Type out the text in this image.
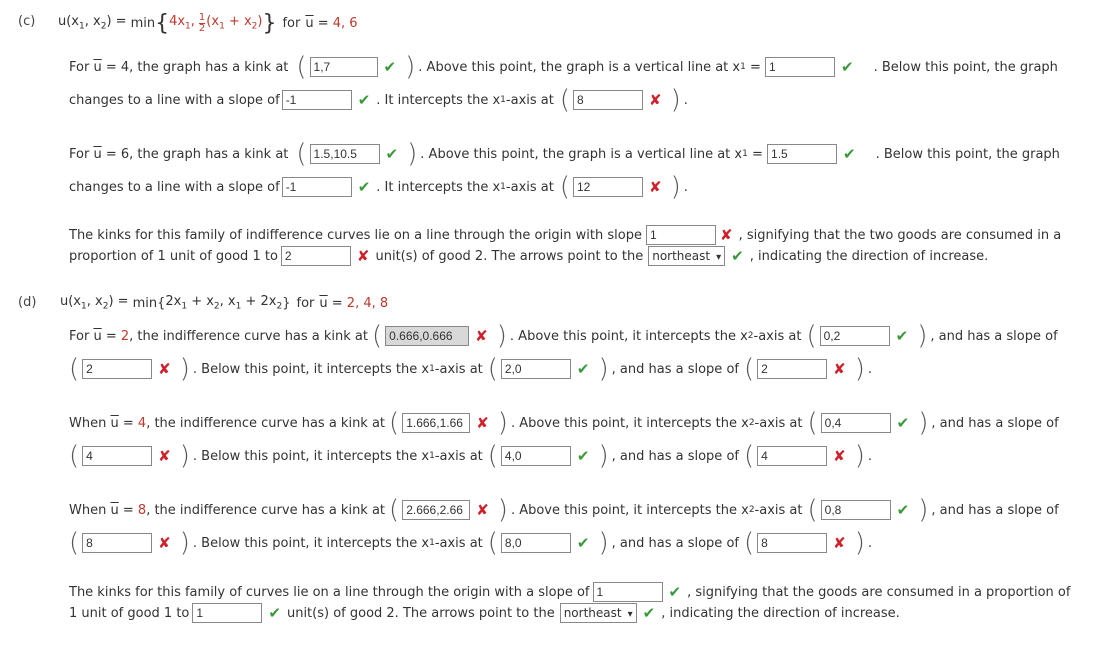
(c) $u(x_1$, $x_2) = \min$ { $4x_1$, $\frac{1}{2} (x_1 + x_2)$ } for $\overline{u} = 4$, 6
For
$\overline{u} = 4$ , the graph has a kink at ( 1,7	✔ ) . Above this point, the graph is a vertical line at x 1 = 1	✔ . Below this point, the graph
changes to a line with a slope of -1	✔ . It intercepts the x 1 -axis at ( 8	✘ ) .
For
$\overline{u} = 6$ , the graph has a kink at ( 1.5,10.5	✔ ) . Above this point, the graph is a vertical line at x 1 = 1.5	✔ . Below this point, the graph
changes to a line with a slope of -1	✔ . It intercepts the x 1 -axis at ( 12	✘ ) .
The kinks for this family of indifference curves lie on a line through the origin with slope 1	✘ , signifying that the two goods are consumed in a
proportion of 1 unit of good 1 to 2	✘ unit(s) of good 2. The arrows point to the northeast ▾ ✔ , indicating the direction of increase.
(d) $u(x_1$, $x_2) = \min$ { $2x_1 + x_2$, $x_1 + 2x_2$ } for $\overline{u} = 2$, 4, 8
For
$\overline{u} = 2$ , the indifference curve has a kink at ( 0.666,0.666	✘ ) . Above this point, it intercepts the x 2 -axis at ( 0,2	✔ ) , and has a slope of
( 2	✘ ) . Below this point, it intercepts the x 1 -axis at ( 2,0	✔ ) , and has a slope of ( 2	✘ ) .
When
$\overline{u} = 4$ , the indifference curve has a kink at ( 1.666,1.66 ✘ ) . Above this point, it intercepts the x 2 -axis at ( 0,4	✔ ) , and has a slope of
( 4	✘ ) . Below this point, it intercepts the x 1 -axis at ( 4,0	✔ ) , and has a slope of ( 4	✘ ) .
When
$\overline{u} = 8$ , the indifference curve has a kink at ( 2.666,2.66 ✘ ) . Above this point, it intercepts the x 2 -axis at ( 0,8	✔ ) , and has a slope of
( 8	✘ ) . Below this point, it intercepts the x 1 -axis at ( 8,0	✔ ) , and has a slope of ( 8	✘ ) .
The kinks for this family of curves lie on a line through the origin with a slope of 1	✔ , signifying that the goods are consumed in a proportion of
1 unit of good 1 to 1	✔ unit(s) of good 2. The arrows point to the northeast ▾ ✔ , indicating the direction of increase.
